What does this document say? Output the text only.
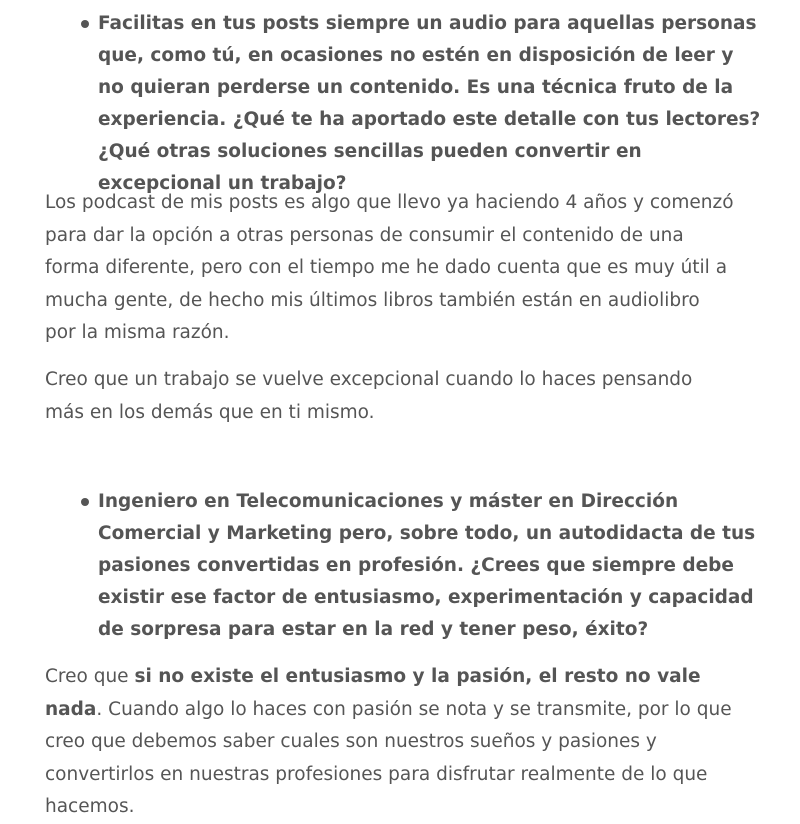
Facilitas en tus posts siempre un audio para aquellas personas que, como tú, en ocasiones no estén en disposición de leer y no quieran perderse un contenido. Es una técnica fruto de la experiencia. ¿Qué te ha aportado este detalle con tus lectores? ¿Qué otras soluciones sencillas pueden convertir en excepcional un trabajo?

Los podcast de mis posts es algo que llevo ya haciendo 4 años y comenzó para dar la opción a otras personas de consumir el contenido de una forma diferente, pero con el tiempo me he dado cuenta que es muy útil a mucha gente, de hecho mis últimos libros también están en audiolibro por la misma razón.

Creo que un trabajo se vuelve excepcional cuando lo haces pensando más en los demás que en ti mismo.

Ingeniero en Telecomunicaciones y máster en Dirección Comercial y Marketing pero, sobre todo, un autodidacta de tus pasiones convertidas en profesión. ¿Crees que siempre debe existir ese factor de entusiasmo, experimentación y capacidad de sorpresa para estar en la red y tener peso, éxito?

Creo que si no existe el entusiasmo y la pasión, el resto no vale nada. Cuando algo lo haces con pasión se nota y se transmite, por lo que creo que debemos saber cuales son nuestros sueños y pasiones y convertirlos en nuestras profesiones para disfrutar realmente de lo que hacemos.
